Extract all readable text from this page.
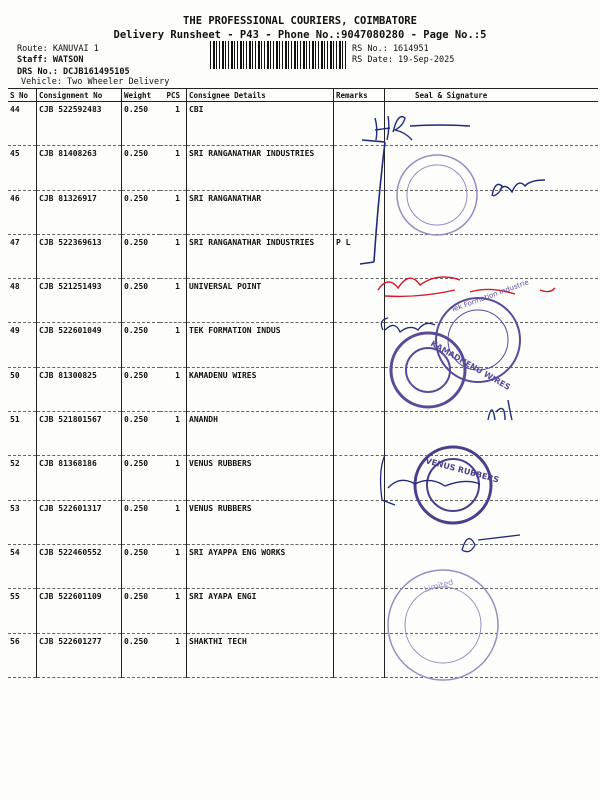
THE PROFESSIONAL COURIERS, COIMBATORE
Delivery Runsheet - P43 - Phone No.:9047080280 - Page No.:5
Route: KANUVAI 1
Staff: WATSON
DRS No.: DCJB161495105
Vehicle: Two Wheeler Delivery
RS No.: 1614951
RS Date: 19-Sep-2025
S No	Consignment No	Weight	PCS	Consignee Details	Remarks	Seal & Signature
44	CJB 522592483	0.250	1	CBI		
45	CJB 81408263	0.250	1	SRI RANGANATHAR INDUSTRIES		
46	CJB 81326917	0.250	1	SRI RANGANATHAR		
47	CJB 522369613	0.250	1	SRI RANGANATHAR INDUSTRIES	P L	
48	CJB 521251493	0.250	1	UNIVERSAL POINT		
49	CJB 522601049	0.250	1	TEK FORMATION INDUS		
50	CJB 81300825	0.250	1	KAMADENU WIRES		
51	CJB 521801567	0.250	1	ANANDH		
52	CJB 81368186	0.250	1	VENUS RUBBERS		
53	CJB 522601317	0.250	1	VENUS RUBBERS		
54	CJB 522460552	0.250	1	SRI AYAPPA ENG WORKS		
55	CJB 522601109	0.250	1	SRI AYAPA ENGI		
56	CJB 522601277	0.250	1	SHAKTHI TECH		
Tek Formation Industrie
KAMADHENU WIRES
VENUS RUBBERS
Limited
